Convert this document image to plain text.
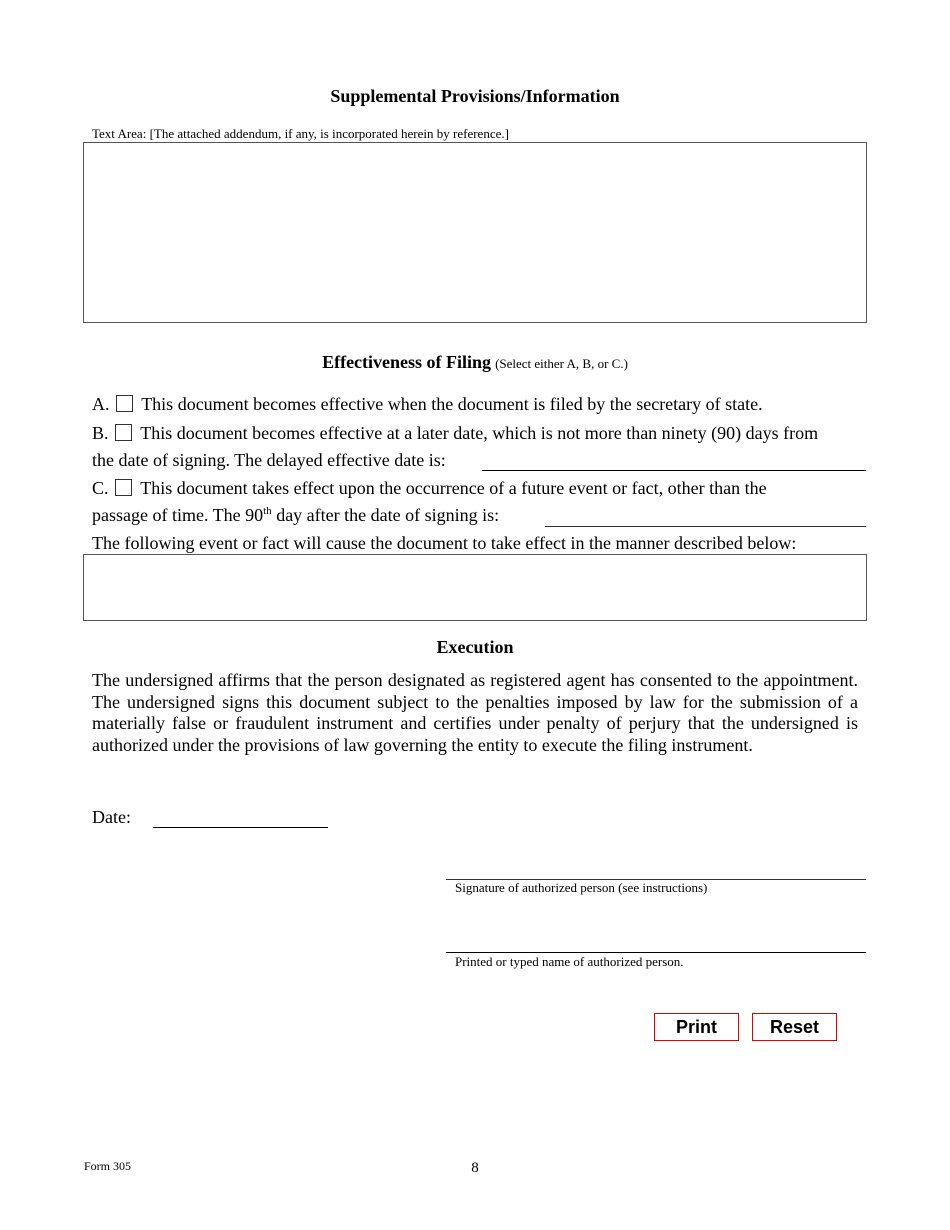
Supplemental Provisions/Information
Text Area: [The attached addendum, if any, is incorporated herein by reference.]
Effectiveness of Filing (Select either A, B, or C.)
A. This document becomes effective when the document is filed by the secretary of state.
B. This document becomes effective at a later date, which is not more than ninety (90) days from
the date of signing. The delayed effective date is:
C. This document takes effect upon the occurrence of a future event or fact, other than the
passage of time. The 90th day after the date of signing is:
The following event or fact will cause the document to take effect in the manner described below:
Execution
The undersigned affirms that the person designated as registered agent has consented to the appointment. The undersigned signs this document subject to the penalties imposed by law for the submission of a materially false or fraudulent instrument and certifies under penalty of perjury that the undersigned is authorized under the provisions of law governing the entity to execute the filing instrument.
Date:
Signature of authorized person (see instructions)
Printed or typed name of authorized person.
Print	Reset
Form 305	8
